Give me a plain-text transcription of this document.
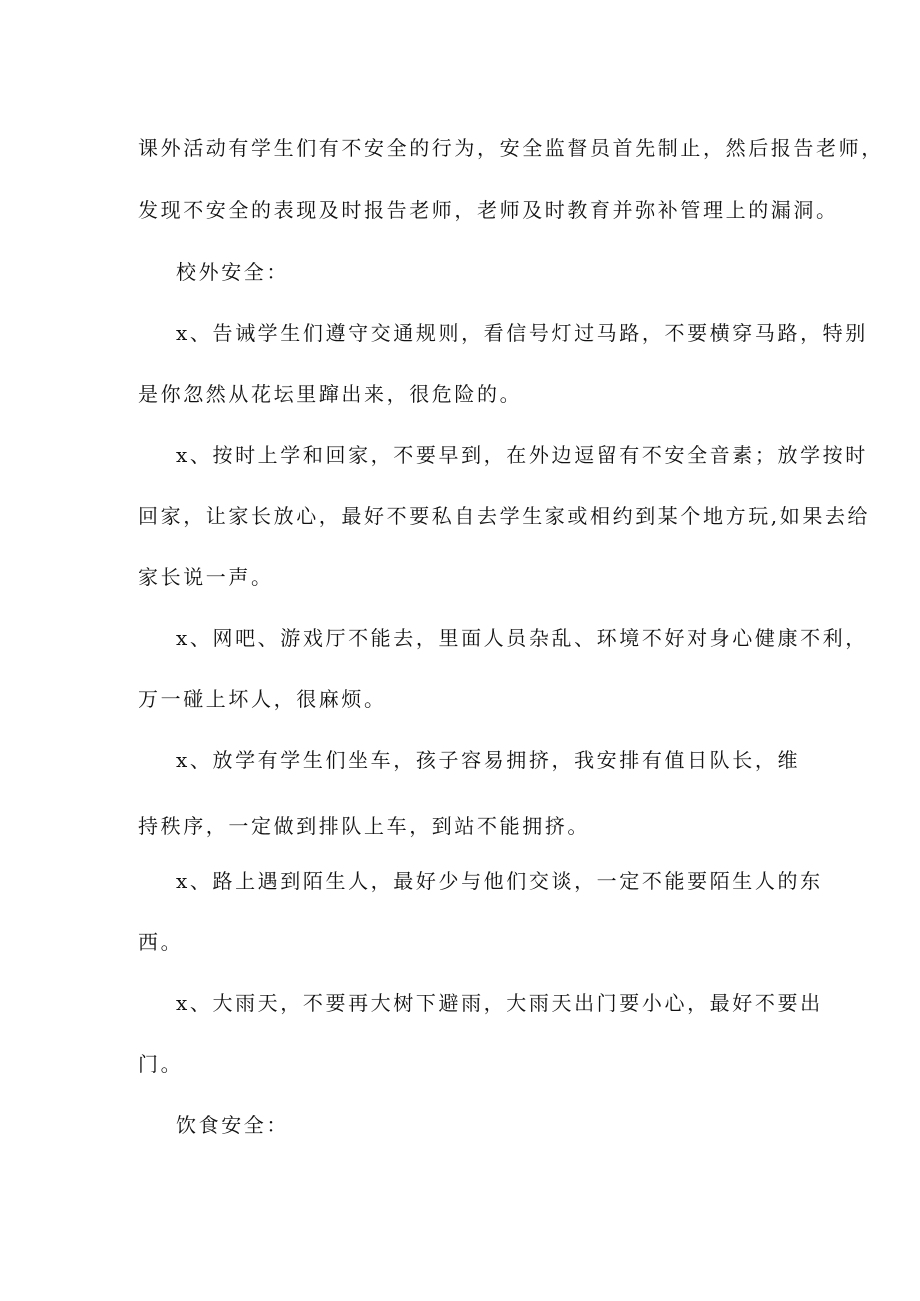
课外活动有学生们有不安全的行为，安全监督员首先制止，然后报告老师，
发现不安全的表现及时报告老师，老师及时教育并弥补管理上的漏洞。
校外安全：
x、告诫学生们遵守交通规则，看信号灯过马路，不要横穿马路，特别
是你忽然从花坛里蹿出来，很危险的。
x、按时上学和回家，不要早到，在外边逗留有不安全音素；放学按时
回家，让家长放心，最好不要私自去学生家或相约到某个地方玩,如果去给
家长说一声。
x、网吧、游戏厅不能去，里面人员杂乱、环境不好对身心健康不利，
万一碰上坏人，很麻烦。
x、放学有学生们坐车，孩子容易拥挤，我安排有值日队长，维
持秩序，一定做到排队上车，到站不能拥挤。
x、路上遇到陌生人，最好少与他们交谈，一定不能要陌生人的东
西。
x、大雨天，不要再大树下避雨，大雨天出门要小心，最好不要出
门。
饮食安全：
